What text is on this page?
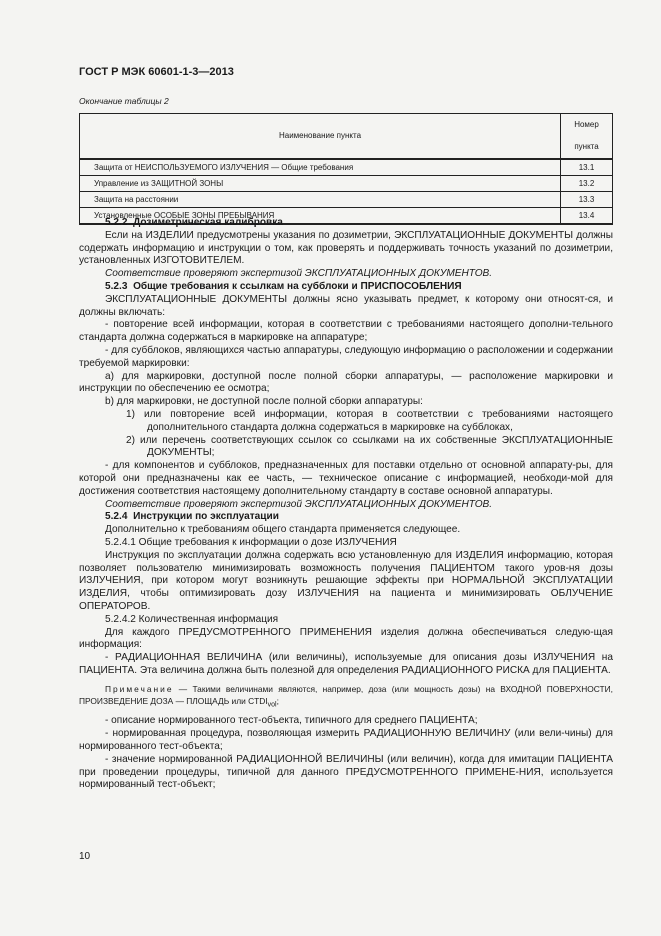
ГОСТ Р МЭК 60601-1-3—2013
Окончание таблицы 2
Наименование пункта	Номер пункта
Защита от НЕИСПОЛЬЗУЕМОГО ИЗЛУЧЕНИЯ — Общие требования	13.1
Управление из ЗАЩИТНОЙ ЗОНЫ	13.2
Защита на расстоянии	13.3
Установленные ОСОБЫЕ ЗОНЫ ПРЕБЫВАНИЯ	13.4

5.2.2 Дозиметрическая калибровка

Если на ИЗДЕЛИИ предусмотрены указания по дозиметрии, ЭКСПЛУАТАЦИОННЫЕ ДОКУМЕНТЫ должны содержать информацию и инструкции о том, как проверять и поддерживать точность указаний по дозиметрии, установленных ИЗГОТОВИТЕЛЕМ.

Соответствие проверяют экспертизой ЭКСПЛУАТАЦИОННЫХ ДОКУМЕНТОВ.

5.2.3 Общие требования к ссылкам на субблоки и ПРИСПОСОБЛЕНИЯ

ЭКСПЛУАТАЦИОННЫЕ ДОКУМЕНТЫ должны ясно указывать предмет, к которому они относят-ся, и должны включать:

- повторение всей информации, которая в соответствии с требованиями настоящего дополни-тельного стандарта должна содержаться в маркировке на аппаратуре;

- для субблоков, являющихся частью аппаратуры, следующую информацию о расположении и содержании требуемой маркировки:

а) для маркировки, доступной после полной сборки аппаратуры, — расположение маркировки и инструкции по обеспечению ее осмотра;

b) для маркировки, не доступной после полной сборки аппаратуры:

1) или повторение всей информации, которая в соответствии с требованиями настоящего дополнительного стандарта должна содержаться в маркировке на субблоках,

2) или перечень соответствующих ссылок со ссылками на их собственные ЭКСПЛУАТАЦИОННЫЕ ДОКУМЕНТЫ;

- для компонентов и субблоков, предназначенных для поставки отдельно от основной аппарату-ры, для которой они предназначены как ее часть, — техническое описание с информацией, необходи-мой для достижения соответствия настоящему дополнительному стандарту в составе основной аппаратуры.

Соответствие проверяют экспертизой ЭКСПЛУАТАЦИОННЫХ ДОКУМЕНТОВ.

5.2.4 Инструкции по эксплуатации

Дополнительно к требованиям общего стандарта применяется следующее.

5.2.4.1 Общие требования к информации о дозе ИЗЛУЧЕНИЯ

Инструкция по эксплуатации должна содержать всю установленную для ИЗДЕЛИЯ информацию, которая позволяет пользователю минимизировать возможность получения ПАЦИЕНТОМ такого уров-ня дозы ИЗЛУЧЕНИЯ, при котором могут возникнуть решающие эффекты при НОРМАЛЬНОЙ ЭКСПЛУАТАЦИИ ИЗДЕЛИЯ, чтобы оптимизировать дозу ИЗЛУЧЕНИЯ на пациента и минимизировать ОБЛУЧЕНИЕ ОПЕРАТОРОВ.

5.2.4.2 Количественная информация

Для каждого ПРЕДУСМОТРЕННОГО ПРИМЕНЕНИЯ изделия должна обеспечиваться следую-щая информация:

- РАДИАЦИОННАЯ ВЕЛИЧИНА (или величины), используемые для описания дозы ИЗЛУЧЕНИЯ на ПАЦИЕНТА. Эта величина должна быть полезной для определения РАДИАЦИОННОГО РИСКА для ПАЦИЕНТА.

Примечание — Такими величинами являются, например, доза (или мощность дозы) на ВХОДНОЙ ПОВЕРХНОСТИ, ПРОИЗВЕДЕНИЕ ДОЗА — ПЛОЩАДЬ или $CTDI_{vol}$;

- описание нормированного тест-объекта, типичного для среднего ПАЦИЕНТА;

- нормированная процедура, позволяющая измерить РАДИАЦИОННУЮ ВЕЛИЧИНУ (или вели-чины) для нормированного тест-объекта;

- значение нормированной РАДИАЦИОННОЙ ВЕЛИЧИНЫ (или величин), когда для имитации ПАЦИЕНТА при проведении процедуры, типичной для данного ПРЕДУСМОТРЕННОГО ПРИМЕНЕ-НИЯ, используется нормированный тест-объект;

10
